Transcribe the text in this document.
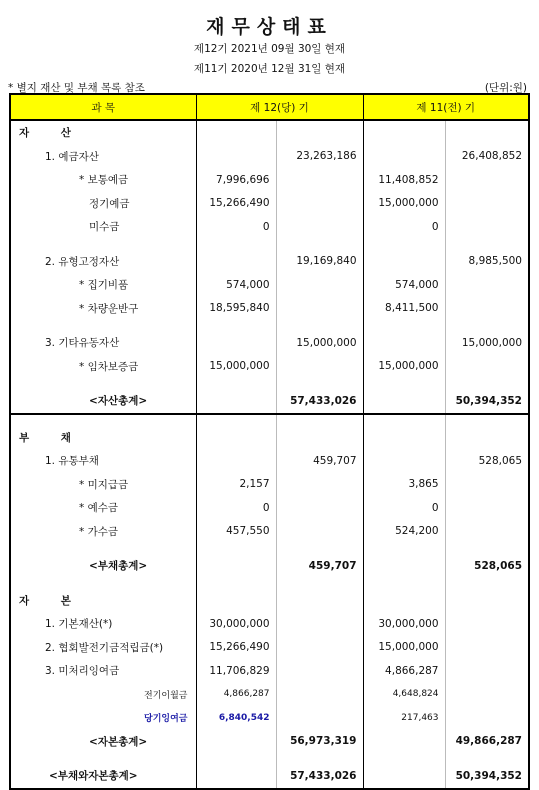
재무상태표
제12기 2021년 09월 30일 현재
제11기 2020년 12월 31일 현재
* 별지 재산 및 부채 목록 참조	(단위:원)
과 목	제 12(당) 기		제 11(전) 기	
자 산				
1. 예금자산		23,263,186		26,408,852
* 보통예금	7,996,696		11,408,852	
정기예금	15,266,490		15,000,000	
미수금	0		0	

2. 유형고정자산		19,169,840		8,985,500
* 집기비품	574,000		574,000	
* 차량운반구	18,595,840		8,411,500	

3. 기타유동자산		15,000,000		15,000,000
* 임차보증금	15,000,000		15,000,000	

<자산총계>		57,433,026		50,394,352

부 채				
1. 유통부채		459,707		528,065
* 미지급금	2,157		3,865	
* 예수금	0		0	
* 가수금	457,550		524,200	

<부채총계>		459,707		528,065

자 본				
1. 기본재산(*)	30,000,000		30,000,000	
2. 협회발전기금적립금(*)	15,266,490		15,000,000	
3. 미처리잉여금	11,706,829		4,866,287	
전기이월금	4,866,287		4,648,824	
당기잉여금	6,840,542		217,463	
<자본총계>		56,973,319		49,866,287

<부채와자본총계>		57,433,026		50,394,352
